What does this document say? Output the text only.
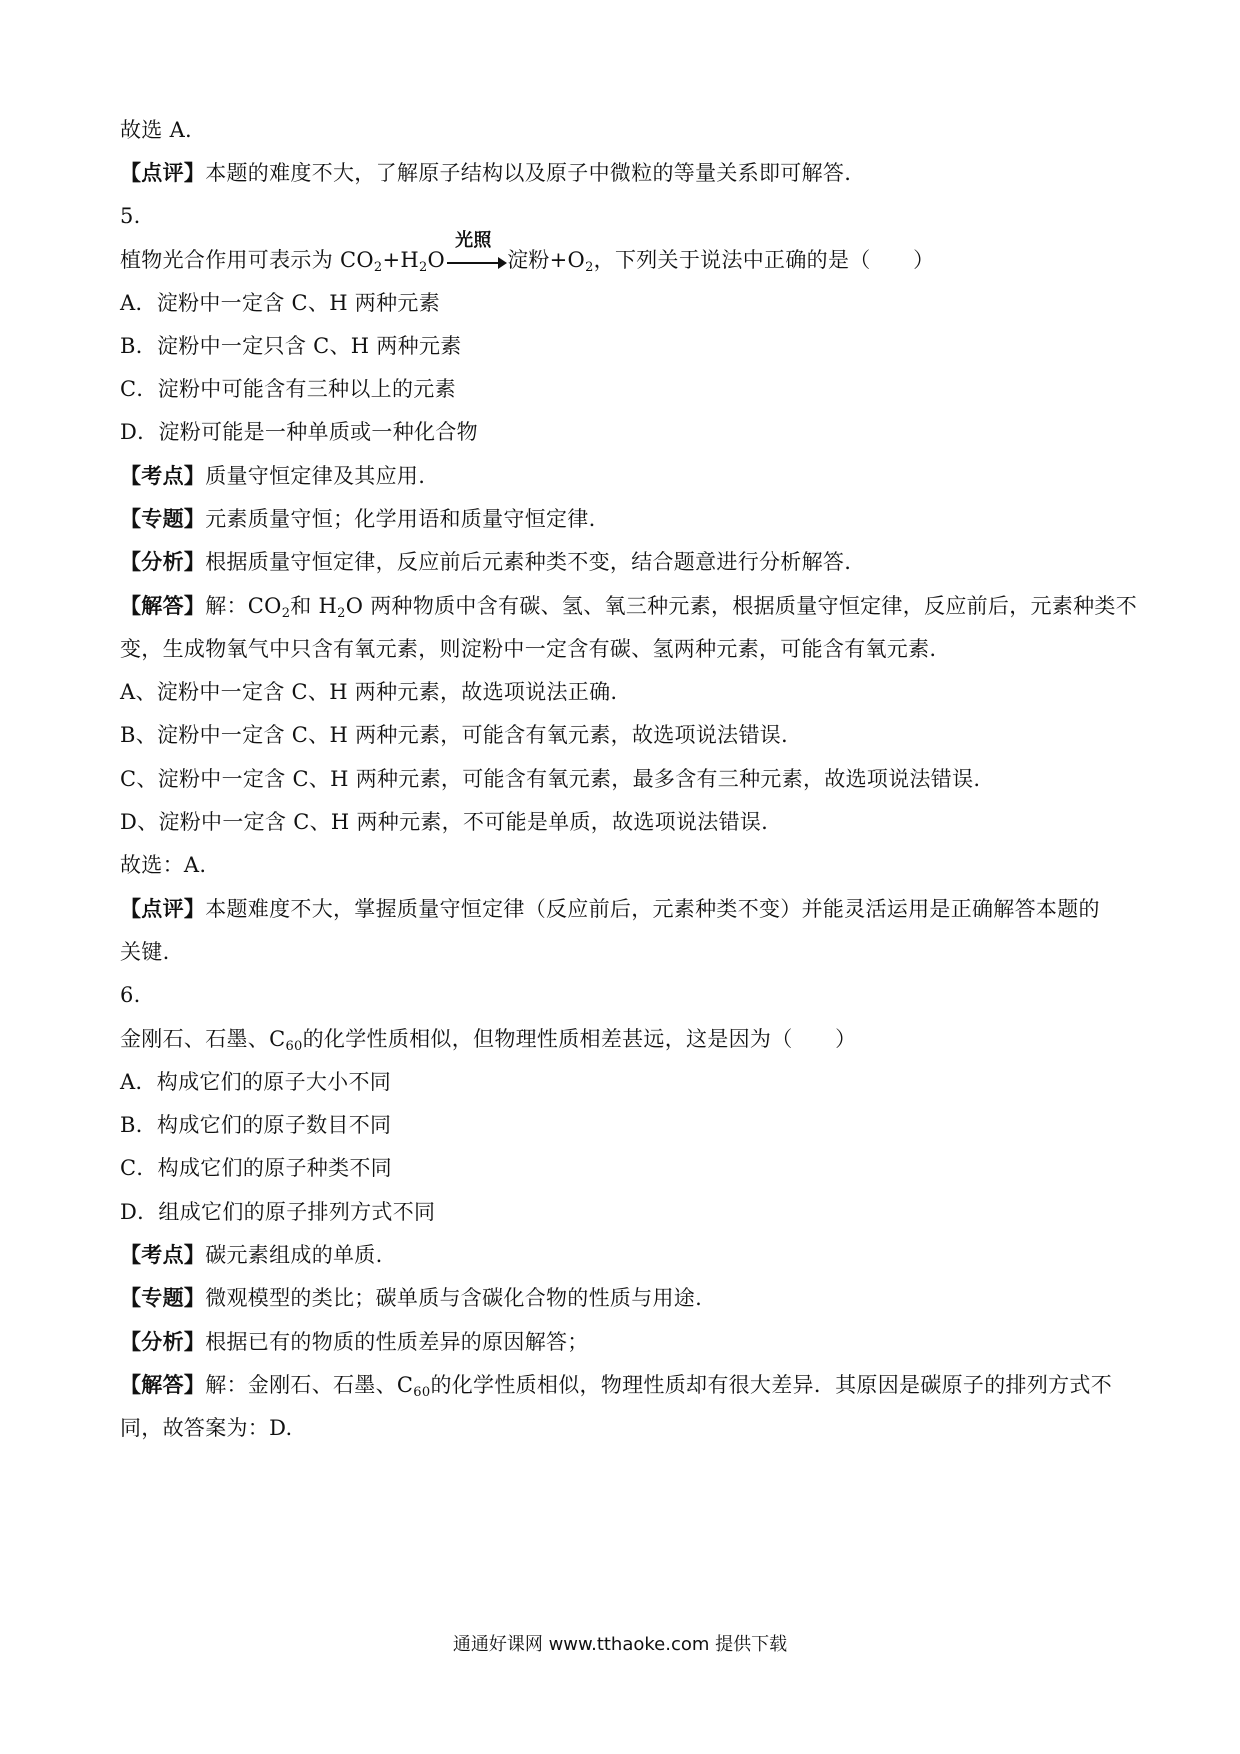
故选 A.
【点评】本题的难度不大，了解原子结构以及原子中微粒的等量关系即可解答.
5.
植物光合作用可表示为 $CO_2+H_2O$
光照
淀粉$+O_2$，下列关于说法中正确的是（　　）
A．淀粉中一定含 C、H 两种元素
B．淀粉中一定只含 C、H 两种元素
C．淀粉中可能含有三种以上的元素
D．淀粉可能是一种单质或一种化合物
【考点】质量守恒定律及其应用.
【专题】元素质量守恒；化学用语和质量守恒定律.
【分析】根据质量守恒定律，反应前后元素种类不变，结合题意进行分析解答.
【解答】解：$CO_2$和 $H_2O$ 两种物质中含有碳、氢、氧三种元素，根据质量守恒定律，反应前后，元素种类不
变，生成物氧气中只含有氧元素，则淀粉中一定含有碳、氢两种元素，可能含有氧元素.
A、淀粉中一定含 C、H 两种元素，故选项说法正确.
B、淀粉中一定含 C、H 两种元素，可能含有氧元素，故选项说法错误.
C、淀粉中一定含 C、H 两种元素，可能含有氧元素，最多含有三种元素，故选项说法错误.
D、淀粉中一定含 C、H 两种元素，不可能是单质，故选项说法错误.
故选：A.
【点评】本题难度不大，掌握质量守恒定律（反应前后，元素种类不变）并能灵活运用是正确解答本题的
关键.
6.
金刚石、石墨、$C_{60}$的化学性质相似，但物理性质相差甚远，这是因为（　　）
A．构成它们的原子大小不同
B．构成它们的原子数目不同
C．构成它们的原子种类不同
D．组成它们的原子排列方式不同
【考点】碳元素组成的单质.
【专题】微观模型的类比；碳单质与含碳化合物的性质与用途.
【分析】根据已有的物质的性质差异的原因解答；
【解答】解：金刚石、石墨、$C_{60}$的化学性质相似，物理性质却有很大差异．其原因是碳原子的排列方式不
同，故答案为：D.
通通好课网 www.tthaoke.com 提供下载
